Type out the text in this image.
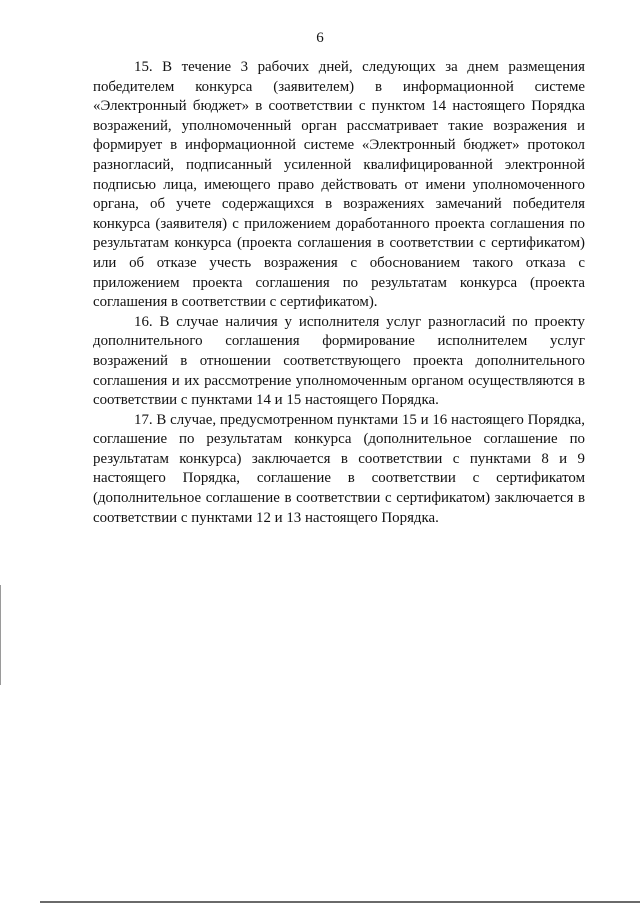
6

15. В течение 3 рабочих дней, следующих за днем размещения победителем конкурса (заявителем) в информационной системе «Электронный бюджет» в соответствии с пунктом 14 настоящего Порядка возражений, уполномоченный орган рассматривает такие возражения и формирует в информационной системе «Электронный бюджет» протокол разногласий, подписанный усиленной квалифицированной электронной подписью лица, имеющего право действовать от имени уполномоченного органа, об учете содержащихся в возражениях замечаний победителя конкурса (заявителя) с приложением доработанного проекта соглашения по результатам конкурса (проекта соглашения в соответствии с сертификатом) или об отказе учесть возражения с обоснованием такого отказа с приложением проекта соглашения по результатам конкурса (проекта соглашения в соответствии с сертификатом).

16. В случае наличия у исполнителя услуг разногласий по проекту дополнительного соглашения формирование исполнителем услуг возражений в отношении соответствующего проекта дополнительного соглашения и их рассмотрение уполномоченным органом осуществляются в соответствии с пунктами 14 и 15 настоящего Порядка.

17. В случае, предусмотренном пунктами 15 и 16 настоящего Порядка, соглашение по результатам конкурса (дополнительное соглашение по результатам конкурса) заключается в соответствии с пунктами 8 и 9 настоящего Порядка, соглашение в соответствии с сертификатом (дополнительное соглашение в соответствии с сертификатом) заключается в соответствии с пунктами 12 и 13 настоящего Порядка.
